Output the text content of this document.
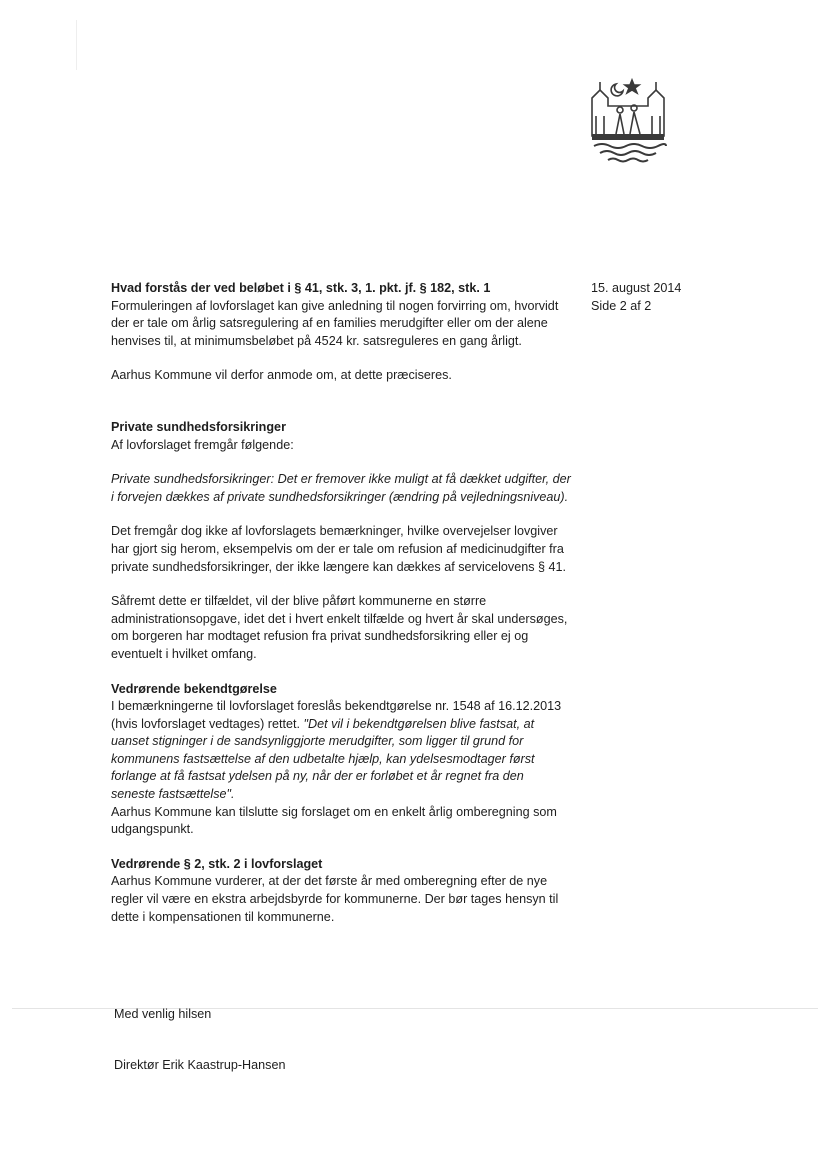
15. august 2014
Side 2 af 2

Hvad forstås der ved beløbet i § 41, stk. 3, 1. pkt. jf. § 182, stk. 1

Formuleringen af lovforslaget kan give anledning til nogen forvirring om, hvorvidt der er tale om årlig satsregulering af en families merudgifter eller om der alene henvises til, at minimumsbeløbet på 4524 kr. satsreguleres en gang årligt.

Aarhus Kommune vil derfor anmode om, at dette præciseres.

Private sundhedsforsikringer

Af lovforslaget fremgår følgende:

Private sundhedsforsikringer: Det er fremover ikke muligt at få dækket udgifter, der i forvejen dækkes af private sundhedsforsikringer (ændring på vejledningsniveau).

Det fremgår dog ikke af lovforslagets bemærkninger, hvilke overvejelser lovgiver har gjort sig herom, eksempelvis om der er tale om refusion af medicinudgifter fra private sundhedsforsikringer, der ikke længere kan dækkes af servicelovens § 41.

Såfremt dette er tilfældet, vil der blive påført kommunerne en større administrationsopgave, idet det i hvert enkelt tilfælde og hvert år skal undersøges, om borgeren har modtaget refusion fra privat sundhedsforsikring eller ej og eventuelt i hvilket omfang.

Vedrørende bekendtgørelse

I bemærkningerne til lovforslaget foreslås bekendtgørelse nr. 1548 af 16.12.2013 (hvis lovforslaget vedtages) rettet. "Det vil i bekendtgørelsen blive fastsat, at uanset stigninger i de sandsynliggjorte merudgifter, som ligger til grund for kommunens fastsættelse af den udbetalte hjælp, kan ydelsesmodtager først forlange at få fastsat ydelsen på ny, når der er forløbet et år regnet fra den seneste fastsættelse".

Aarhus Kommune kan tilslutte sig forslaget om en enkelt årlig omberegning som udgangspunkt.

Vedrørende § 2, stk. 2 i lovforslaget

Aarhus Kommune vurderer, at der det første år med omberegning efter de nye regler vil være en ekstra arbejdsbyrde for kommunerne. Der bør tages hensyn til dette i kompensationen til kommunerne.

Med venlig hilsen
Direktør Erik Kaastrup-Hansen
